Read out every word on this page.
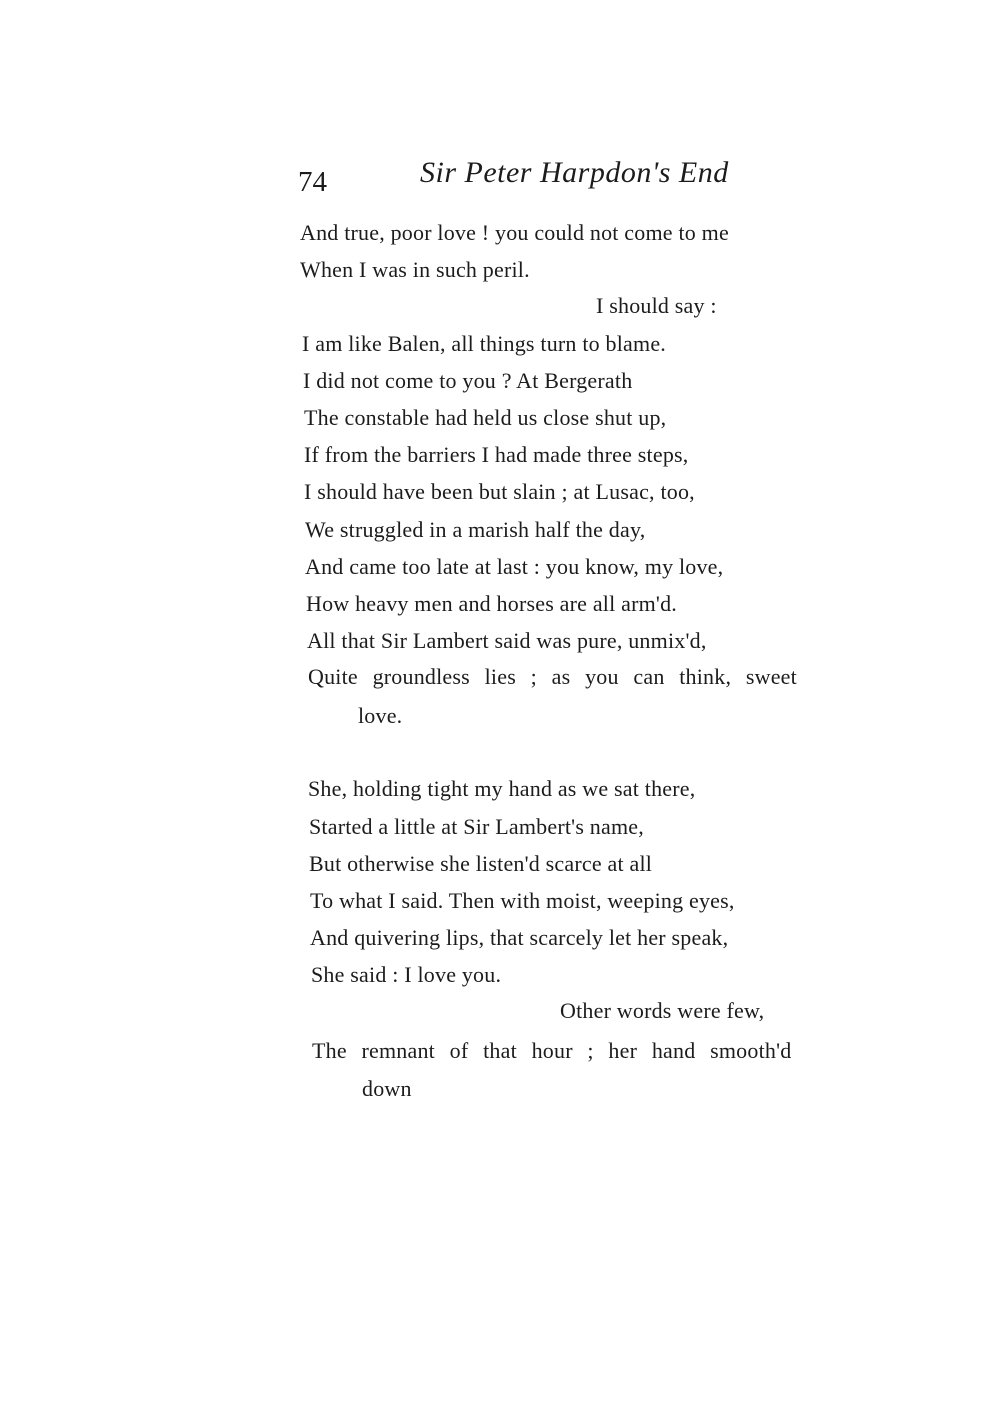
74	Sir Peter Harpdon's End
And true, poor love ! you could not come to me
When I was in such peril.
I should say :
I am like Balen, all things turn to blame.
I did not come to you ? At Bergerath
The constable had held us close shut up,
If from the barriers I had made three steps,
I should have been but slain ; at Lusac, too,
We struggled in a marish half the day,
And came too late at last : you know, my love,
How heavy men and horses are all arm'd.
All that Sir Lambert said was pure, unmix'd,
Quite groundless lies ; as you can think, sweet
love.
She, holding tight my hand as we sat there,
Started a little at Sir Lambert's name,
But otherwise she listen'd scarce at all
To what I said. Then with moist, weeping eyes,
And quivering lips, that scarcely let her speak,
She said : I love you.
Other words were few,
The remnant of that hour ; her hand smooth'd
down
